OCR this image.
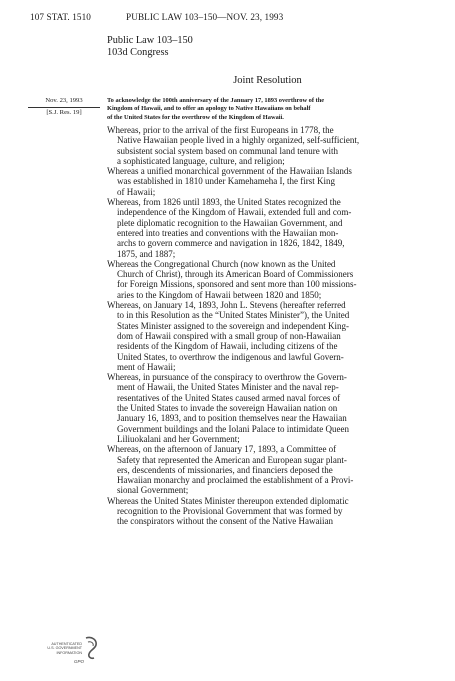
107 STAT. 1510	PUBLIC LAW 103–150—NOV. 23, 1993
Public Law 103–150
103d Congress
Joint Resolution
Nov. 23, 1993
[S.J. Res. 19]
To acknowledge the 100th anniversary of the January 17, 1893 overthrow of the
Kingdom of Hawaii, and to offer an apology to Native Hawaiians on behalf
of the United States for the overthrow of the Kingdom of Hawaii.
Whereas, prior to the arrival of the first Europeans in 1778, the
Native Hawaiian people lived in a highly organized, self-sufficient,
subsistent social system based on communal land tenure with
a sophisticated language, culture, and religion;
Whereas a unified monarchical government of the Hawaiian Islands
was established in 1810 under Kamehameha I, the first King
of Hawaii;
Whereas, from 1826 until 1893, the United States recognized the
independence of the Kingdom of Hawaii, extended full and com-
plete diplomatic recognition to the Hawaiian Government, and
entered into treaties and conventions with the Hawaiian mon-
archs to govern commerce and navigation in 1826, 1842, 1849,
1875, and 1887;
Whereas the Congregational Church (now known as the United
Church of Christ), through its American Board of Commissioners
for Foreign Missions, sponsored and sent more than 100 missions-
aries to the Kingdom of Hawaii between 1820 and 1850;
Whereas, on January 14, 1893, John L. Stevens (hereafter referred
to in this Resolution as the “United States Minister”), the United
States Minister assigned to the sovereign and independent King-
dom of Hawaii conspired with a small group of non-Hawaiian
residents of the Kingdom of Hawaii, including citizens of the
United States, to overthrow the indigenous and lawful Govern-
ment of Hawaii;
Whereas, in pursuance of the conspiracy to overthrow the Govern-
ment of Hawaii, the United States Minister and the naval rep-
resentatives of the United States caused armed naval forces of
the United States to invade the sovereign Hawaiian nation on
January 16, 1893, and to position themselves near the Hawaiian
Government buildings and the Iolani Palace to intimidate Queen
Liliuokalani and her Government;
Whereas, on the afternoon of January 17, 1893, a Committee of
Safety that represented the American and European sugar plant-
ers, descendents of missionaries, and financiers deposed the
Hawaiian monarchy and proclaimed the establishment of a Provi-
sional Government;
Whereas the United States Minister thereupon extended diplomatic
recognition to the Provisional Government that was formed by
the conspirators without the consent of the Native Hawaiian
AUTHENTICATED
U.S. GOVERNMENT
INFORMATION
GPO
